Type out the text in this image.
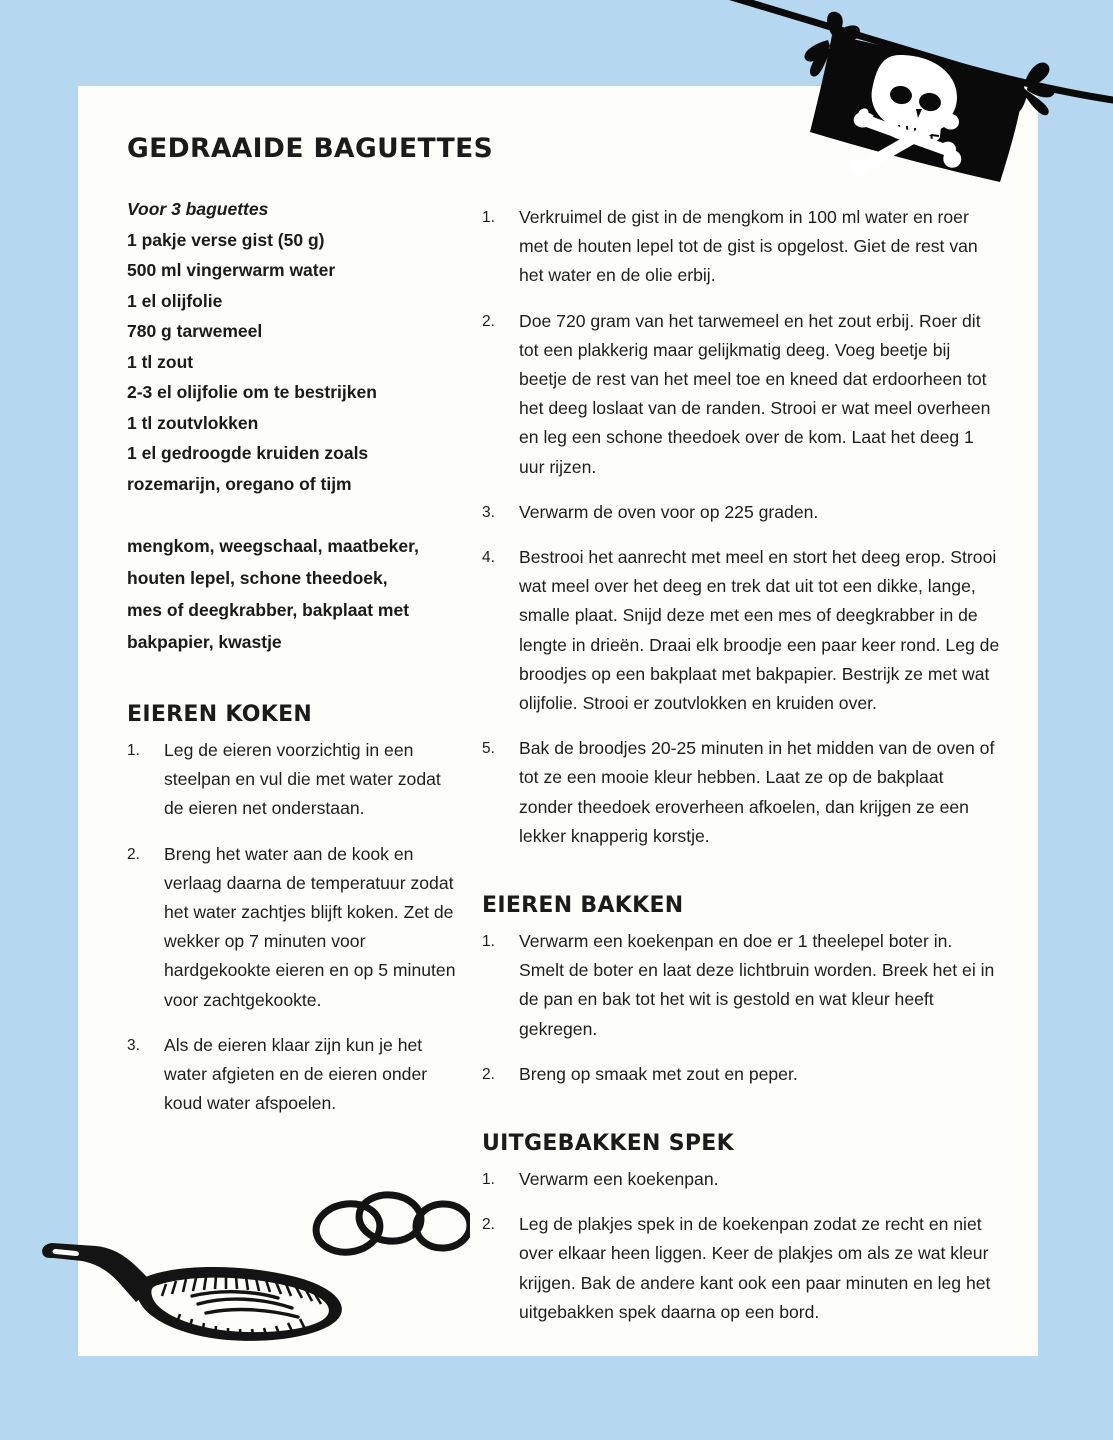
GEDRAAIDE BAGUETTES
Voor 3 baguettes
1 pakje verse gist (50 g)
500 ml vingerwarm water
1 el olijfolie
780 g tarwemeel
1 tl zout
2-3 el olijfolie om te bestrijken
1 tl zoutvlokken
1 el gedroogde kruiden zoals
rozemarijn, oregano of tijm
mengkom, weegschaal, maatbeker,
houten lepel, schone theedoek,
mes of deegkrabber, bakplaat met
bakpapier, kwastje
EIEREN KOKEN
1. Leg de eieren voorzichtig in een steelpan en vul die met water zodat de eieren net onderstaan.
2. Breng het water aan de kook en verlaag daarna de temperatuur zodat het water zachtjes blijft koken. Zet de wekker op 7 minuten voor hardgekookte eieren en op 5 minuten voor zachtgekookte.
3. Als de eieren klaar zijn kun je het water afgieten en de eieren onder koud water afspoelen.
1. Verkruimel de gist in de mengkom in 100 ml water en roer met de houten lepel tot de gist is opgelost. Giet de rest van het water en de olie erbij.
2. Doe 720 gram van het tarwemeel en het zout erbij. Roer dit tot een plakkerig maar gelijkmatig deeg. Voeg beetje bij beetje de rest van het meel toe en kneed dat erdoorheen tot het deeg loslaat van de randen. Strooi er wat meel overheen en leg een schone theedoek over de kom. Laat het deeg 1 uur rijzen.
3. Verwarm de oven voor op 225 graden.
4. Bestrooi het aanrecht met meel en stort het deeg erop. Strooi wat meel over het deeg en trek dat uit tot een dikke, lange, smalle plaat. Snijd deze met een mes of deegkrabber in de lengte in drieën. Draai elk broodje een paar keer rond. Leg de broodjes op een bakplaat met bakpapier. Bestrijk ze met wat olijfolie. Strooi er zoutvlokken en kruiden over.
5. Bak de broodjes 20-25 minuten in het midden van de oven of tot ze een mooie kleur hebben. Laat ze op de bakplaat zonder theedoek eroverheen afkoelen, dan krijgen ze een lekker knapperig korstje.
EIEREN BAKKEN
1. Verwarm een koekenpan en doe er 1 theelepel boter in. Smelt de boter en laat deze lichtbruin worden. Breek het ei in de pan en bak tot het wit is gestold en wat kleur heeft gekregen.
2. Breng op smaak met zout en peper.
UITGEBAKKEN SPEK
1. Verwarm een koekenpan.
2. Leg de plakjes spek in de koekenpan zodat ze recht en niet over elkaar heen liggen. Keer de plakjes om als ze wat kleur krijgen. Bak de andere kant ook een paar minuten en leg het uitgebakken spek daarna op een bord.
